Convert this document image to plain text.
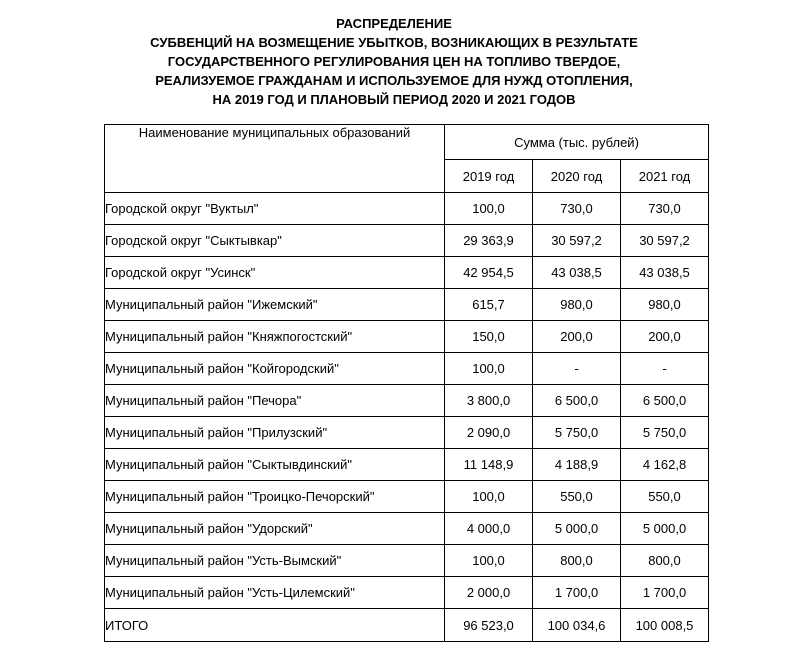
РАСПРЕДЕЛЕНИЕ
СУБВЕНЦИЙ НА ВОЗМЕЩЕНИЕ УБЫТКОВ, ВОЗНИКАЮЩИХ В РЕЗУЛЬТАТЕ
ГОСУДАРСТВЕННОГО РЕГУЛИРОВАНИЯ ЦЕН НА ТОПЛИВО ТВЕРДОЕ,
РЕАЛИЗУЕМОЕ ГРАЖДАНАМ И ИСПОЛЬЗУЕМОЕ ДЛЯ НУЖД ОТОПЛЕНИЯ,
НА 2019 ГОД И ПЛАНОВЫЙ ПЕРИОД 2020 И 2021 ГОДОВ
Наименование муниципальных образований	Сумма (тыс. рублей)		
	2019 год	2020 год	2021 год
Городской округ "Вуктыл"	100,0	730,0	730,0
Городской округ "Сыктывкар"	29 363,9	30 597,2	30 597,2
Городской округ "Усинск"	42 954,5	43 038,5	43 038,5
Муниципальный район "Ижемский"	615,7	980,0	980,0
Муниципальный район "Княжпогостский"	150,0	200,0	200,0
Муниципальный район "Койгородский"	100,0	-	-
Муниципальный район "Печора"	3 800,0	6 500,0	6 500,0
Муниципальный район "Прилузский"	2 090,0	5 750,0	5 750,0
Муниципальный район "Сыктывдинский"	11 148,9	4 188,9	4 162,8
Муниципальный район "Троицко-Печорский"	100,0	550,0	550,0
Муниципальный район "Удорский"	4 000,0	5 000,0	5 000,0
Муниципальный район "Усть-Вымский"	100,0	800,0	800,0
Муниципальный район "Усть-Цилемский"	2 000,0	1 700,0	1 700,0
ИТОГО	96 523,0	100 034,6	100 008,5
